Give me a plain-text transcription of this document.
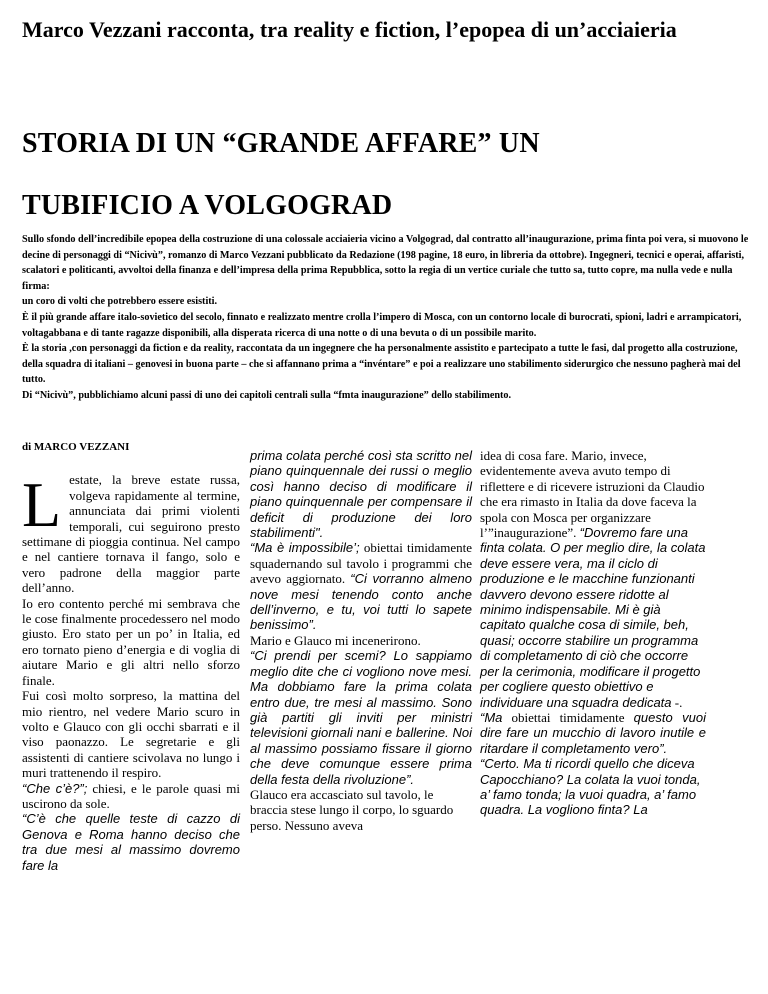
Marco Vezzani racconta, tra reality e fiction, l’epopea di un’acciaieria
STORIA DI UN “GRANDE AFFARE” UN
TUBIFICIO A VOLGOGRAD

Sullo sfondo dell’incredibile epopea della costruzione di una colossale acciaieria vicino a Volgograd, dal contratto all’inaugurazione, prima finta poi vera, si muovono le decine di personaggi di “Nicivù”, romanzo di Marco Vezzani pubblicato da Redazione (198 pagine, 18 euro, in libreria da ottobre). Ingegneri, tecnici e operai, affaristi, scalatori e politicanti, avvoltoi della finanza e dell’impresa della prima Repubblica, sotto la regia di un vertice curiale che tutto sa, tutto copre, ma nulla vede e nulla firma:

un coro di volti che potrebbero essere esistiti.

È il più grande affare italo-sovietico del secolo, finnato e realizzato mentre crolla l’impero di Mosca, con un contorno locale di burocrati, spioni, ladri e arrampicatori, voltagabbana e di tante ragazze disponibili, alla disperata ricerca di una notte o di una bevuta o di un possibile marito.

È la storia ,con personaggi da fiction e da reality, raccontata da un ingegnere che ha personalmente assistito e partecipato a tutte le fasi, dal progetto alla costruzione, della squadra di italiani – genovesi in buona parte – che si affannano prima a “invéntare” e poi a realizzare uno stabilimento siderurgico che nessuno pagherà mai del tutto.

Di “Nicivù”, pubblichiamo alcuni passi di uno dei capitoli centrali sulla “fmta inaugurazione” dello stabilimento.

di MARCO VEZZANI

Lestate, la breve estate russa, volgeva rapidamente al termine, annunciata dai primi violenti temporali, cui seguirono presto settimane di pioggia continua. Nel campo e nel cantiere tornava il fango, solo e vero padrone della maggior parte dell’anno.

Io ero contento perché mi sembrava che le cose finalmente procedessero nel modo giusto. Ero stato per un po’ in Italia, ed ero tornato pieno d’energia e di voglia di aiutare Mario e gli altri nello sforzo finale.

Fui così molto sorpreso, la mattina del mio rientro, nel vedere Mario scuro in volto e Glauco con gli occhi sbarrati e il viso paonazzo. Le segretarie e gli assistenti di cantiere scivolava no lungo i muri trattenendo il respiro.

“Che c’è?”; chiesi, e le parole quasi mi uscirono da sole.

“C’è che quelle teste di cazzo di Genova e Roma hanno deciso che tra due mesi al massimo dovremo fare la

prima colata perché così sta scritto nel piano quinquennale dei russi o meglio così hanno deciso di modificare il piano quinquennale per compensare il deficit di produzione dei loro stabilimenti".

“Ma è impossibile’; obiettai timidamente squadernando sul tavolo i programmi che avevo aggiornato. “Ci vorranno almeno nove mesi tenendo conto anche dell’inverno, e tu, voi tutti lo sapete benissimo”.

Mario e Glauco mi incenerirono.

“Ci prendi per scemi? Lo sappiamo meglio dite che ci vogliono nove mesi. Ma dobbiamo fare la prima colata entro due, tre mesi al massimo. Sono già partiti gli inviti per ministri televisioni giornali nani e ballerine. Noi al massimo possiamo fissare il giorno che deve comunque essere prima della festa della rivoluzione”.

Glauco era accasciato sul tavolo, le braccia stese lungo il corpo, lo sguardo perso. Nessuno aveva

idea di cosa fare. Mario, invece, evidentemente aveva avuto tempo di riflettere e di ricevere istruzioni da Claudio che era rimasto in Italia da dove faceva la spola con Mosca per organizzare l’”inaugurazione”. “Dovremo fare una finta colata. O per meglio dire, la colata deve essere vera, ma il ciclo di produzione e le macchine funzionanti davvero devono essere ridotte al minimo indispensabile. Mi è già capitato qualche cosa di simile, beh, quasi; occorre stabilire un programma di completamento di ciò che occorre per la cerimonia, modificare il progetto per cogliere questo obiettivo e individuare una squadra dedicata -.

“Ma obiettai timidamente questo vuoi dire fare un mucchio di lavoro inutile e ritardare il completamento vero”.

“Certo. Ma ti ricordi quello che diceva Capocchiano? La colata la vuoi tonda, a’ famo tonda; la vuoi quadra, a’ famo quadra. La vogliono finta? La
